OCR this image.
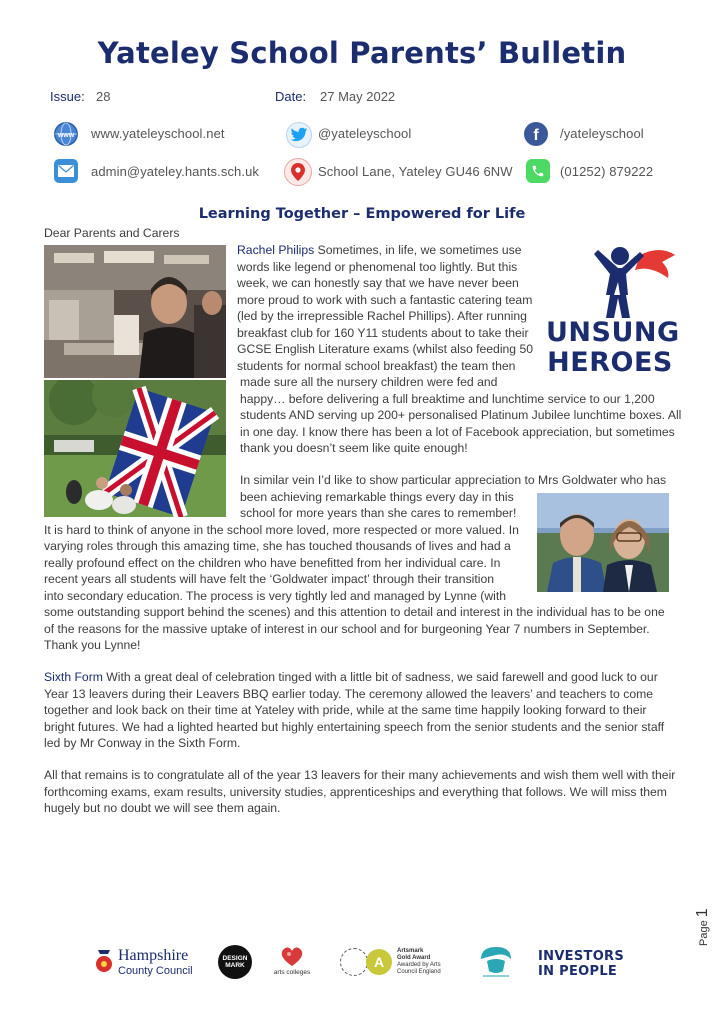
Yateley School Parents’ Bulletin
Issue: 28	Date: 27 May 2022
www www.yateleyschool.net	@yateleyschool	f /yateleyschool
admin@yateley.hants.sch.uk	School Lane, Yateley GU46 6NW	(01252) 879222
Learning Together – Empowered for Life
Dear Parents and Carers
UNSUNG
HEROES
Rachel Philips Sometimes, in life, we sometimes use
words like legend or phenomenal too lightly. But this
week, we can honestly say that we have never been
more proud to work with such a fantastic catering team
(led by the irrepressible Rachel Phillips). After running
breakfast club for 160 Y11 students about to take their
GCSE English Literature exams (whilst also feeding 50
students for normal school breakfast) the team then
made sure all the nursery children were fed and
happy… before delivering a full breaktime and lunchtime service to our 1,200
students AND serving up 200+ personalised Platinum Jubilee lunchtime boxes. All
in one day. I know there has been a lot of Facebook appreciation, but sometimes
thank you doesn’t seem like quite enough!
In similar vein I’d like to show particular appreciation to Mrs Goldwater who has
been achieving remarkable things every day in this
school for more years than she cares to remember!
It is hard to think of anyone in the school more loved, more respected or more valued. In
varying roles through this amazing time, she has touched thousands of lives and had a
really profound effect on the children who have benefitted from her individual care. In
recent years all students will have felt the ‘Goldwater impact’ through their transition
into secondary education. The process is very tightly led and managed by Lynne (with
some outstanding support behind the scenes) and this attention to detail and interest in the individual has to be one
of the reasons for the massive uptake of interest in our school and for burgeoning Year 7 numbers in September.
Thank you Lynne!
Sixth Form With a great deal of celebration tinged with a little bit of sadness, we said farewell and good luck to our
Year 13 leavers during their Leavers BBQ earlier today. The ceremony allowed the leavers’ and teachers to come
together and look back on their time at Yateley with pride, while at the same time happily looking forward to their
bright futures. We had a lighted hearted but highly entertaining speech from the senior students and the senior staff
led by Mr Conway in the Sixth Form.
All that remains is to congratulate all of the year 13 leavers for their many achievements and wish them well with their
forthcoming exams, exam results, university studies, apprenticeships and everything that follows. We will miss them
hugely but no doubt we will see them again.
Page 1
Hampshire
County Council
DESIGN MARK
arts colleges
A
Artsmark
Gold Award
Awarded by Arts
Council England
INVESTORS
IN PEOPLE
